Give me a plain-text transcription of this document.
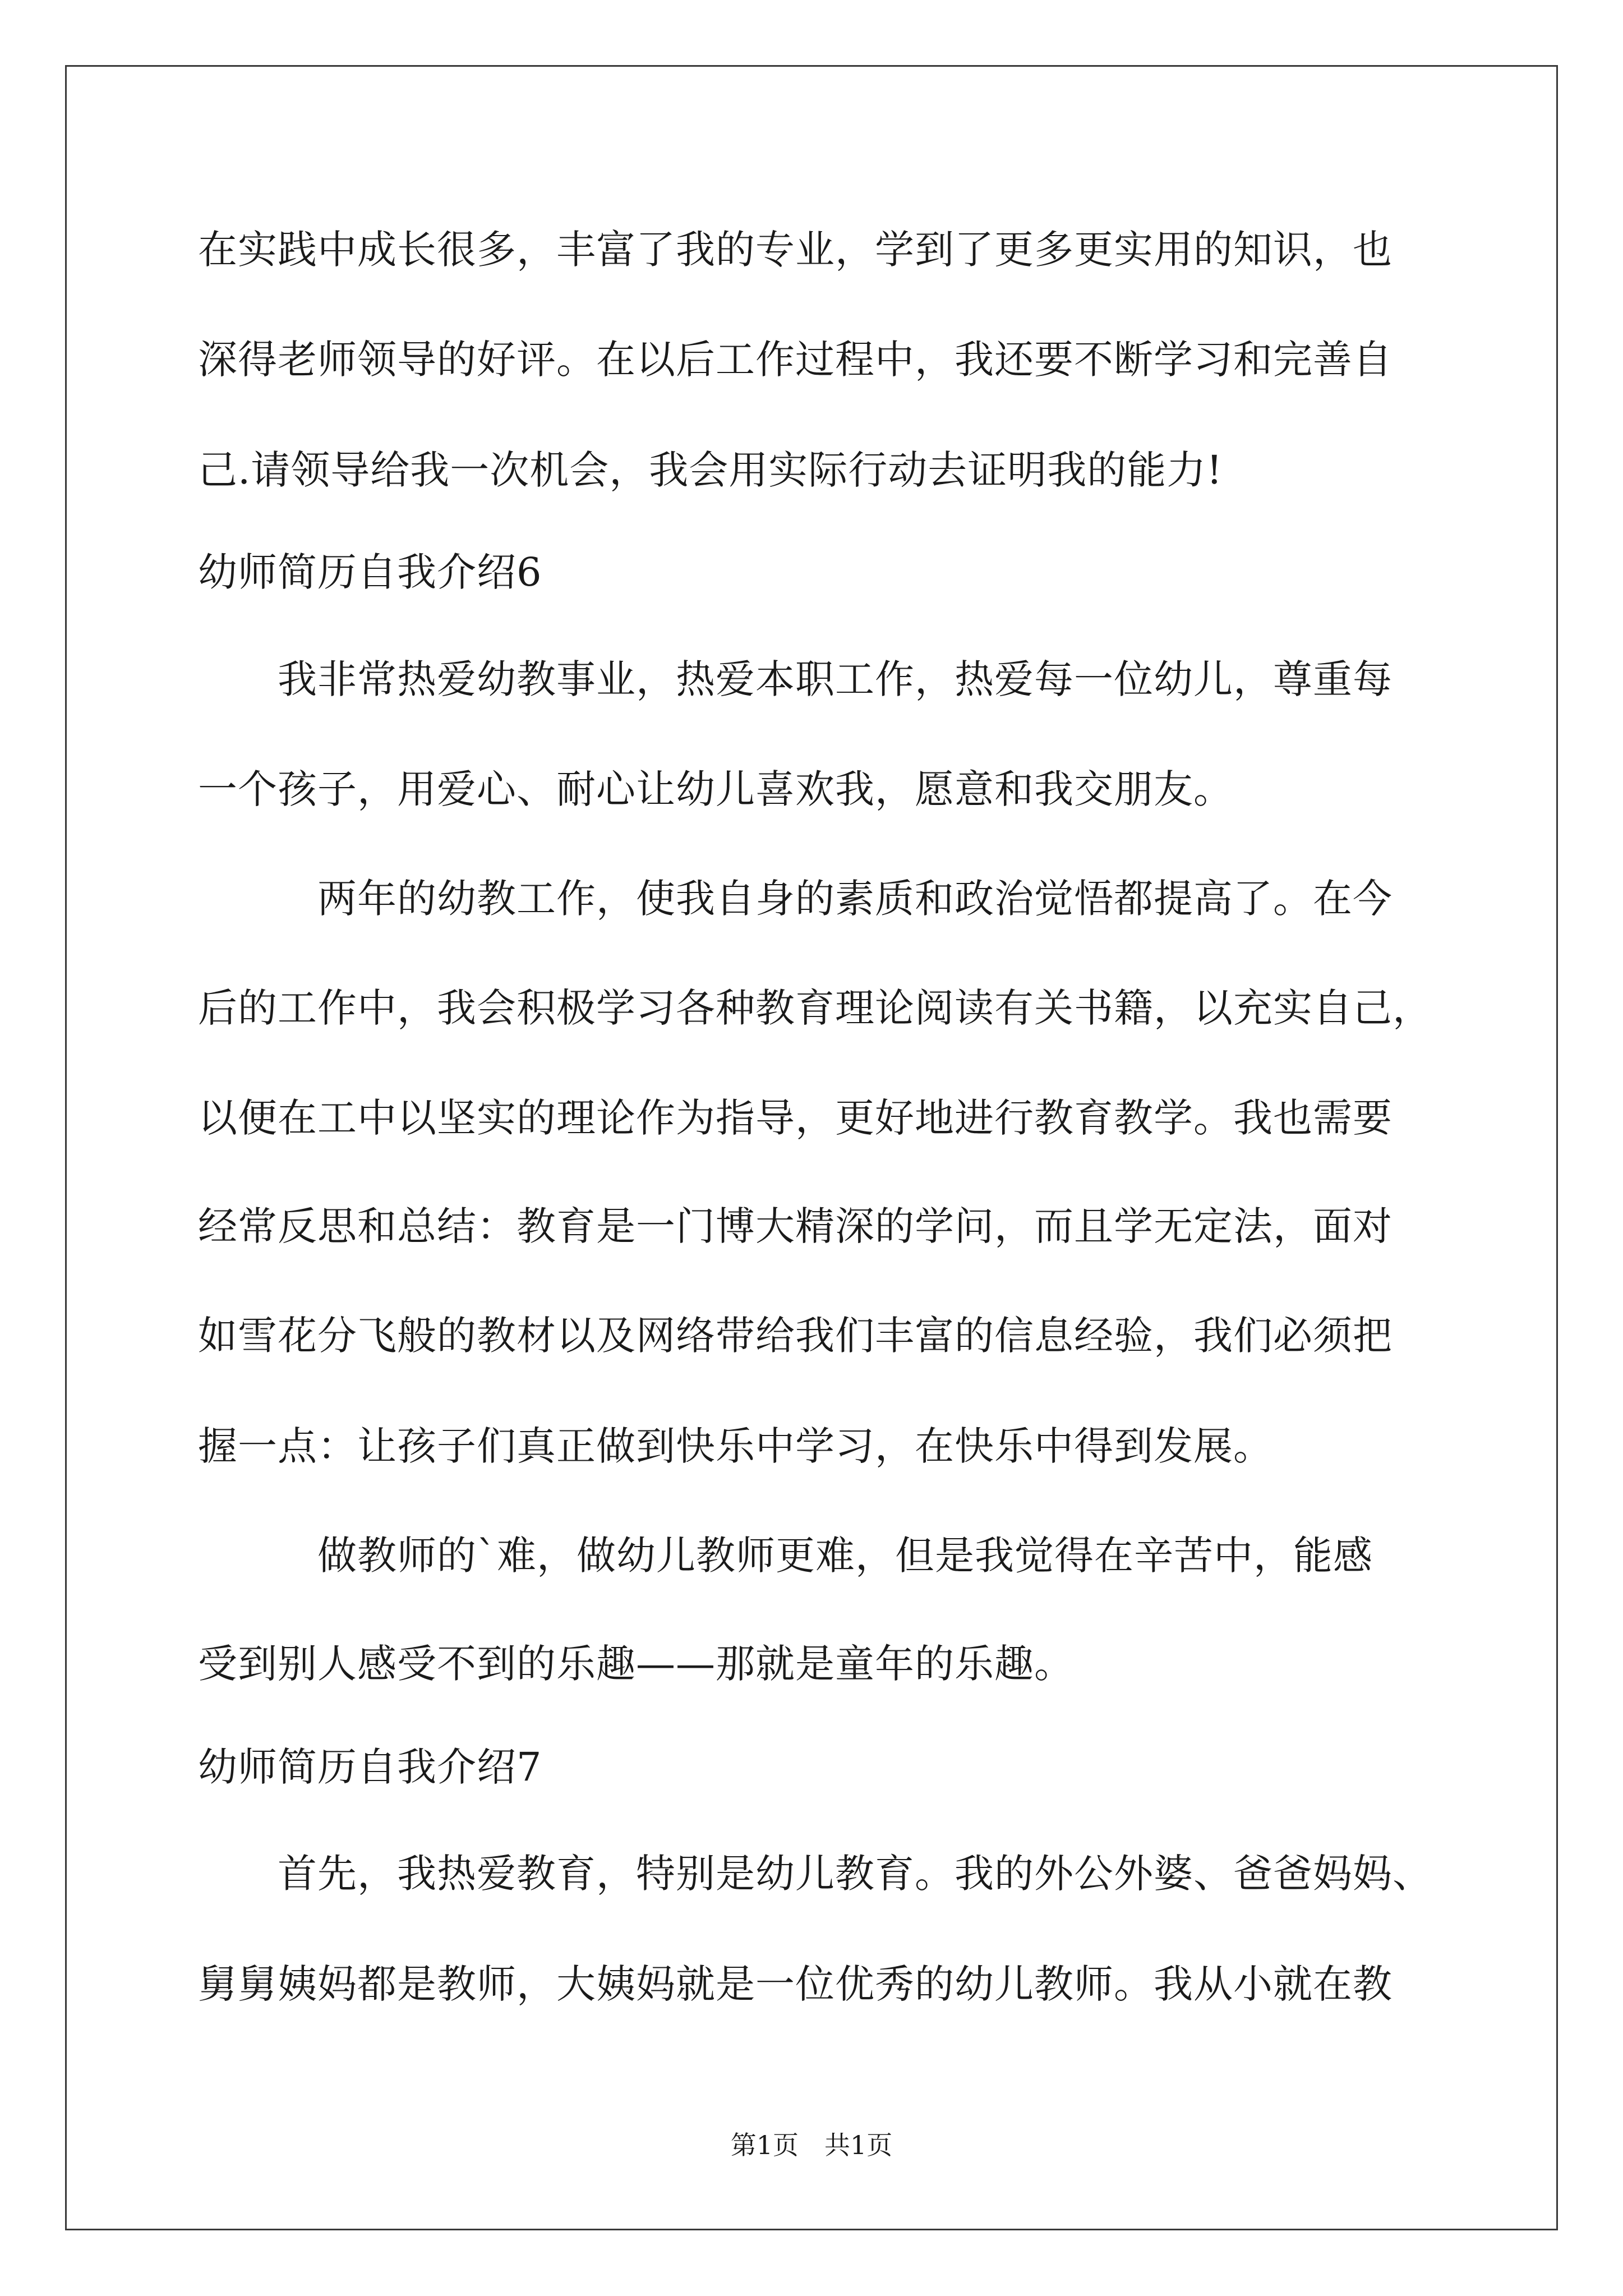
在实践中成长很多，丰富了我的专业，学到了更多更实用的知识，也
深得老师领导的好评。在以后工作过程中，我还要不断学习和完善自
己.请领导给我一次机会，我会用实际行动去证明我的能力!
幼师简历自我介绍6
　　我非常热爱幼教事业，热爱本职工作，热爱每一位幼儿，尊重每
一个孩子，用爱心、耐心让幼儿喜欢我，愿意和我交朋友。
　　　两年的幼教工作，使我自身的素质和政治觉悟都提高了。在今
后的工作中，我会积极学习各种教育理论阅读有关书籍，以充实自己，
以便在工中以坚实的理论作为指导，更好地进行教育教学。我也需要
经常反思和总结：教育是一门博大精深的学问，而且学无定法，面对
如雪花分飞般的教材以及网络带给我们丰富的信息经验，我们必须把
握一点：让孩子们真正做到快乐中学习，在快乐中得到发展。
　　　做教师的`难，做幼儿教师更难，但是我觉得在辛苦中，能感
受到别人感受不到的乐趣——那就是童年的乐趣。
幼师简历自我介绍7
　　首先，我热爱教育，特别是幼儿教育。我的外公外婆、爸爸妈妈、
舅舅姨妈都是教师，大姨妈就是一位优秀的幼儿教师。我从小就在教
第1页　共1页
